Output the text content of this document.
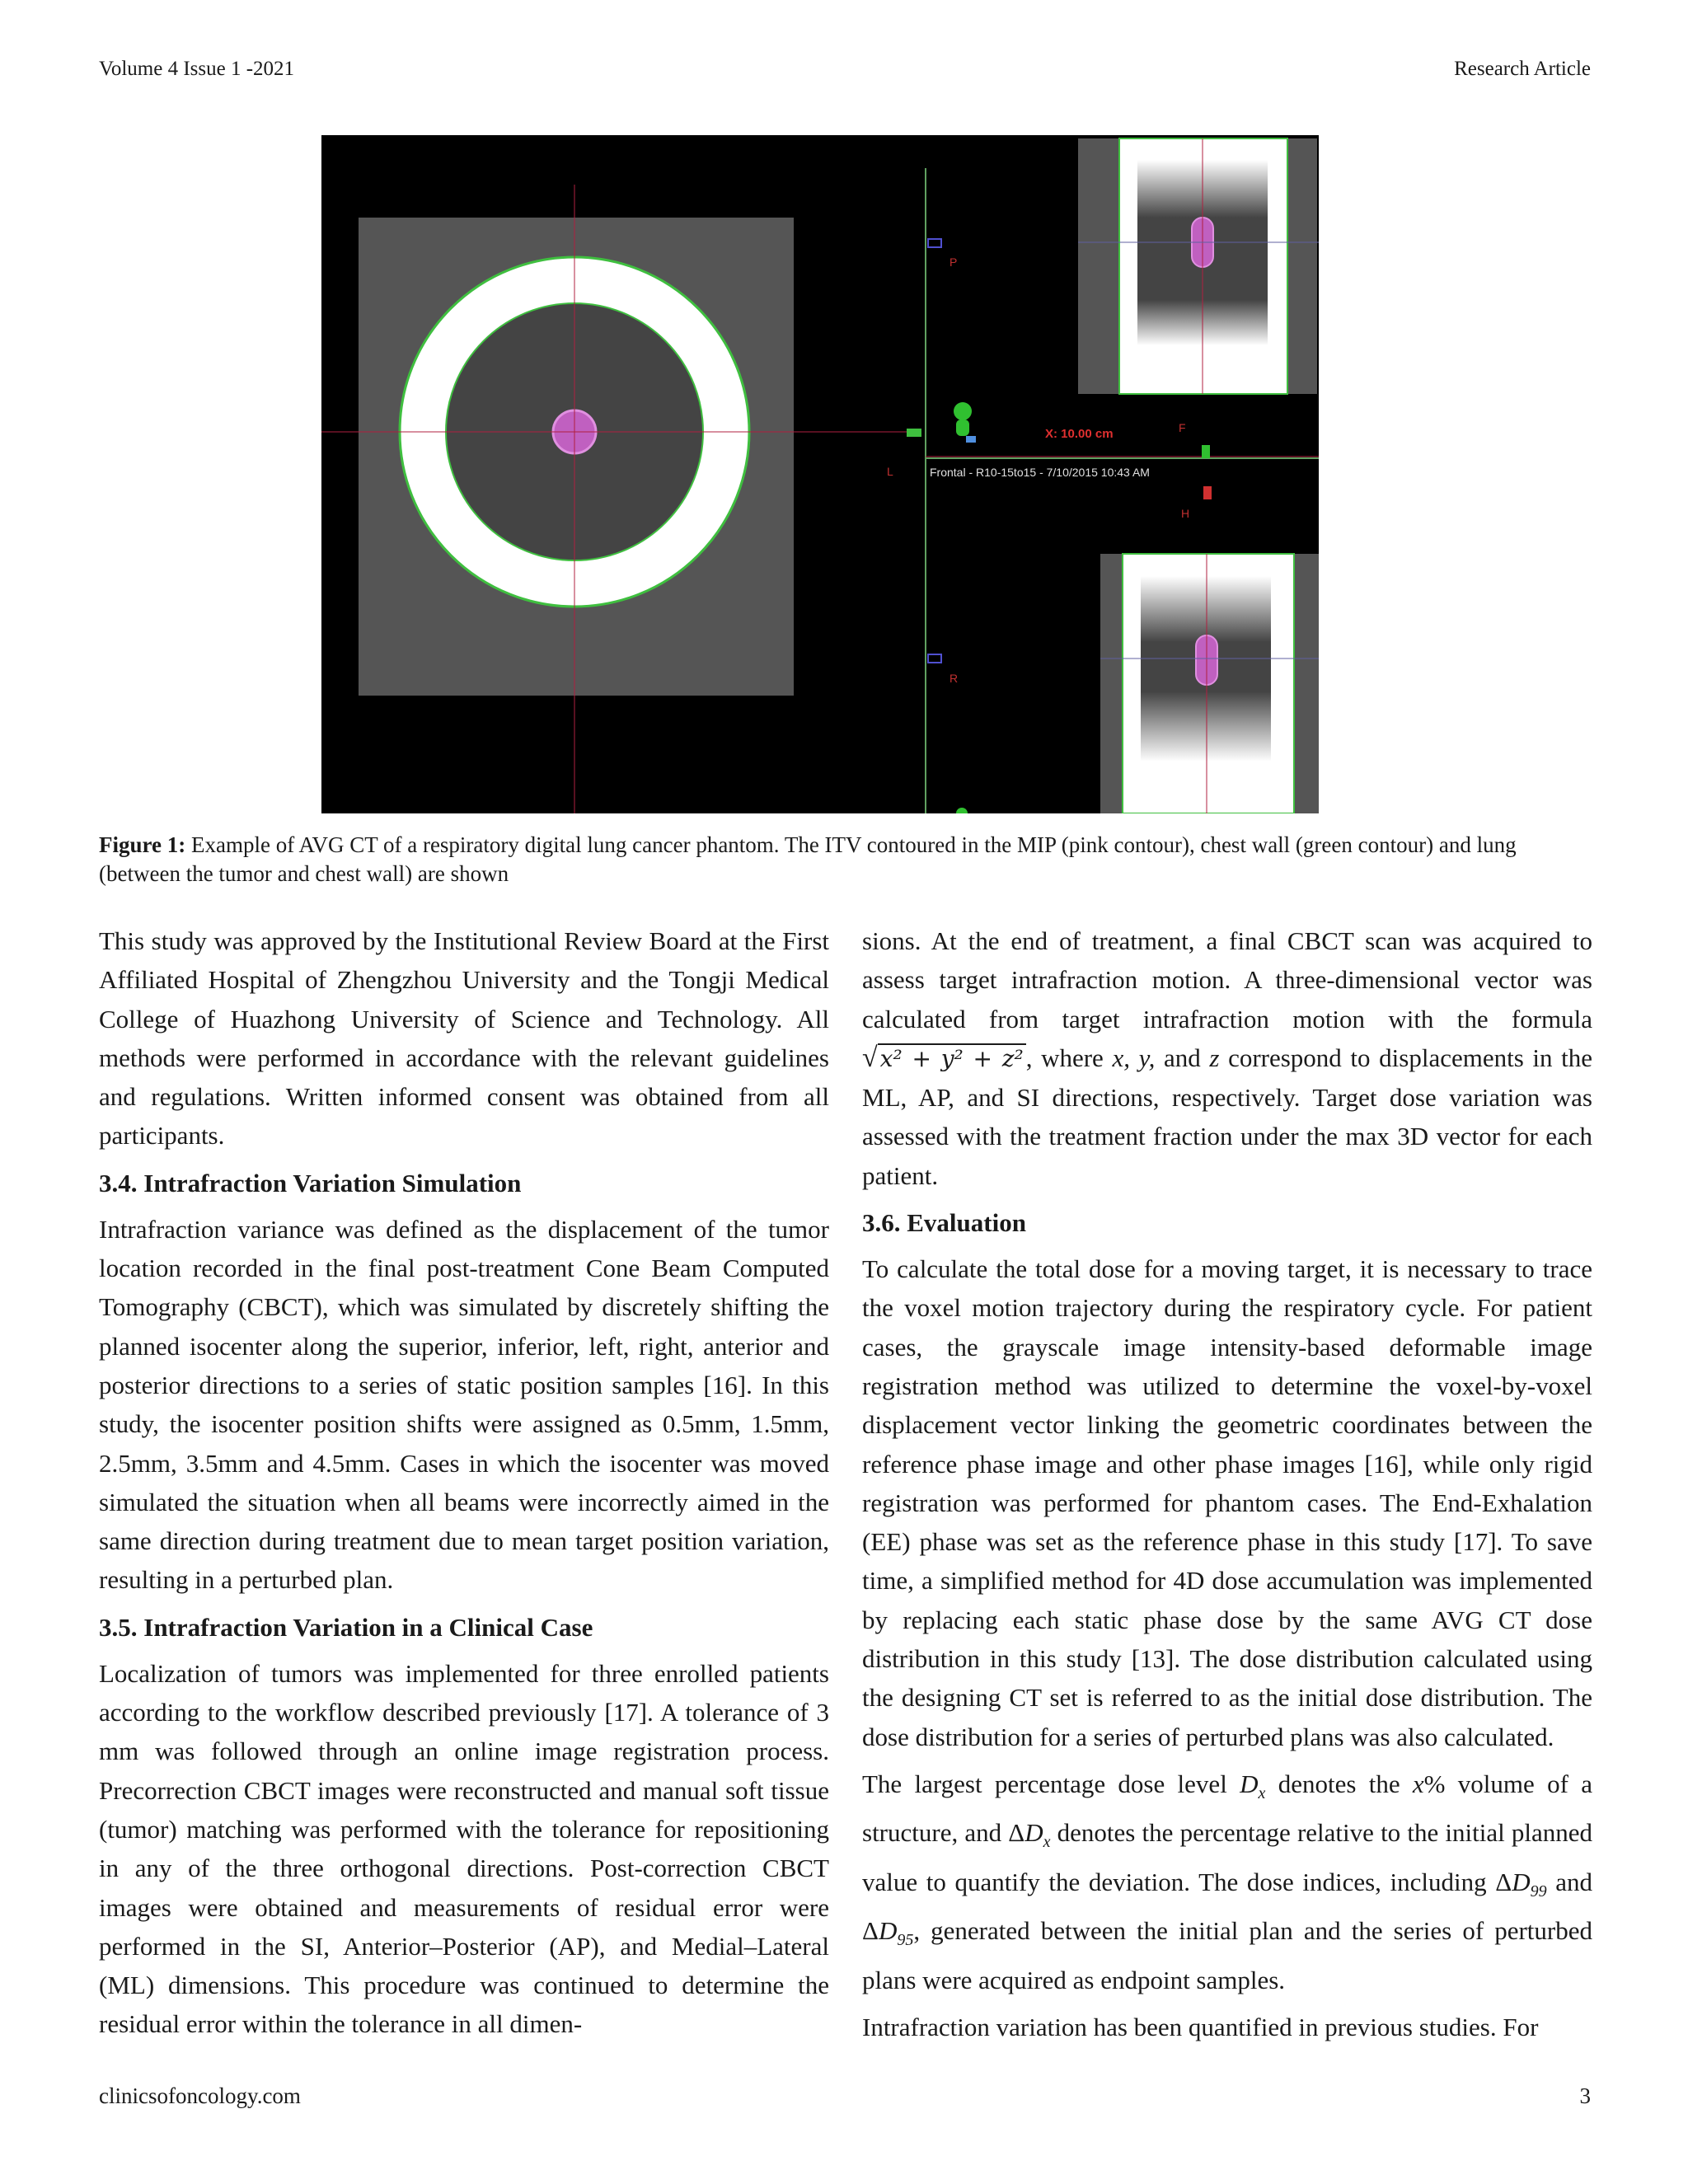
Volume 4 Issue 1 -2021	Research Article
P
L
X: 10.00 cm
Frontal - R10-15to15 - 7/10/2015 10:43 AM
F
H
R
Figure 1: Example of AVG CT of a respiratory digital lung cancer phantom. The ITV contoured in the MIP (pink contour), chest wall (green contour) and lung (between the tumor and chest wall) are shown

This study was approved by the Institutional Review Board at the First Affiliated Hospital of Zhengzhou University and the Tongji Medical College of Huazhong University of Science and Technology. All methods were performed in accordance with the relevant guidelines and regulations. Written informed consent was obtained from all participants.

3.4. Intrafraction Variation Simulation

Intrafraction variance was defined as the displacement of the tumor location recorded in the final post-treatment Cone Beam Computed Tomography (CBCT), which was simulated by discretely shifting the planned isocenter along the superior, inferior, left, right, anterior and posterior directions to a series of static position samples [16]. In this study, the isocenter position shifts were assigned as 0.5mm, 1.5mm, 2.5mm, 3.5mm and 4.5mm. Cases in which the isocenter was moved simulated the situation when all beams were incorrectly aimed in the same direction during treatment due to mean target position variation, resulting in a perturbed plan.

3.5. Intrafraction Variation in a Clinical Case

Localization of tumors was implemented for three enrolled patients according to the workflow described previously [17]. A tolerance of 3 mm was followed through an online image registration process. Precorrection CBCT images were reconstructed and manual soft tissue (tumor) matching was performed with the tolerance for repositioning in any of the three orthogonal directions. Post-correction CBCT images were obtained and measurements of residual error were performed in the SI, Anterior–Posterior (AP), and Medial–Lateral (ML) dimensions. This procedure was continued to determine the residual error within the tolerance in all dimen-

sions. At the end of treatment, a final CBCT scan was acquired to assess target intrafraction motion. A three-dimensional vector was calculated from target intrafraction motion with the formula √ x² + y² + z², where x, y, and z correspond to displacements in the ML, AP, and SI directions, respectively. Target dose variation was assessed with the treatment fraction under the max 3D vector for each patient.

3.6. Evaluation

To calculate the total dose for a moving target, it is necessary to trace the voxel motion trajectory during the respiratory cycle. For patient cases, the grayscale image intensity-based deformable image registration method was utilized to determine the voxel-by-voxel displacement vector linking the geometric coordinates between the reference phase image and other phase images [16], while only rigid registration was performed for phantom cases. The End-Exhalation (EE) phase was set as the reference phase in this study [17]. To save time, a simplified method for 4D dose accumulation was implemented by replacing each static phase dose by the same AVG CT dose distribution in this study [13]. The dose distribution calculated using the designing CT set is referred to as the initial dose distribution. The dose distribution for a series of perturbed plans was also calculated.

The largest percentage dose level $D_x$ denotes the x% volume of a structure, and $\Delta D_x$ denotes the percentage relative to the initial planned value to quantify the deviation. The dose indices, including $\Delta D_{99}$ and $\Delta D_{95}$, generated between the initial plan and the series of perturbed plans were acquired as endpoint samples.

Intrafraction variation has been quantified in previous studies. For

clinicsofoncology.com	3
